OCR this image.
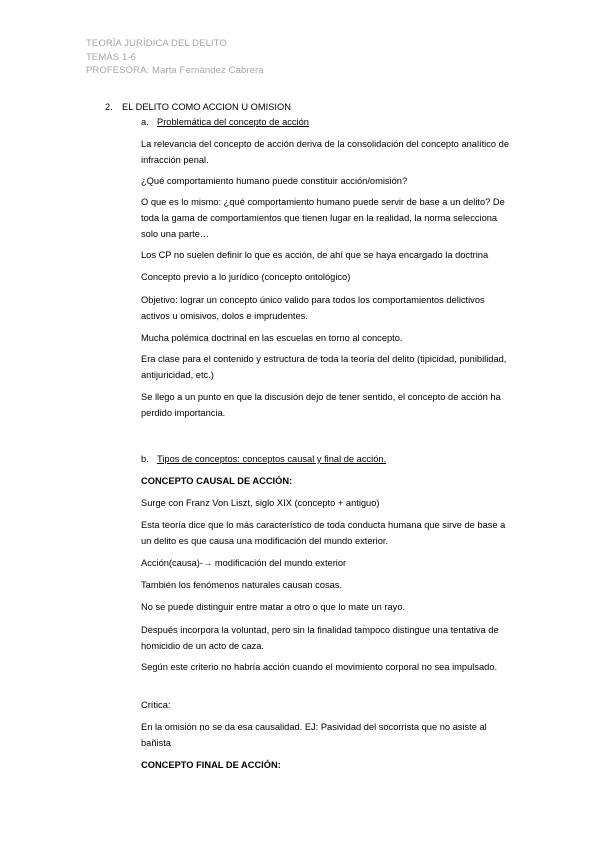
TEORÍA JURÍDICA DEL DELITO
TEMAS 1-6
PROFESORA: Marta Fernández Cabrera
2. EL DELITO COMO ACCION U OMISION
a. Problemática del concepto de acción
La relevancia del concepto de acción deriva de la consolidación del concepto analítico de infracción penal.
¿Qué comportamiento humano puede constituir acción/omisión?
O que es lo mismo: ¿qué comportamiento humano puede servir de base a un delito? De toda la gama de comportamientos que tienen lugar en la realidad, la norma selecciona solo una parte…
Los CP no suelen definir lo que es acción, de ahí que se haya encargado la doctrina
Concepto previo a lo jurídico (concepto ontológico)
Objetivo: lograr un concepto único valido para todos los comportamientos delictivos activos u omisivos, dolos e imprudentes.
Mucha polémica doctrinal en las escuelas en torno al concepto.
Era clase para el contenido y estructura de toda la teoría del delito (tipicidad, punibilidad, antijuricidad, etc.)
Se llego a un punto en que la discusión dejo de tener sentido, el concepto de acción ha perdido importancia.
b. Tipos de conceptos: conceptos causal y final de acción.
CONCEPTO CAUSAL DE ACCIÓN:
Surge con Franz Von Liszt, siglo XIX (concepto + antiguo)
Esta teoría dice que lo más característico de toda conducta humana que sirve de base a un delito es que causa una modificación del mundo exterior.
Acción(causa)-→ modificación del mundo exterior
También los fenómenos naturales causan cosas.
No se puede distinguir entre matar a otro o que lo mate un rayo.
Después incorpora la voluntad, pero sin la finalidad tampoco distingue una tentativa de homicidio de un acto de caza.
Según este criterio no habría acción cuando el movimiento corporal no sea impulsado.
Crítica:
En la omisión no se da esa causalidad. EJ: Pasividad del socorrista que no asiste al bañista
CONCEPTO FINAL DE ACCIÓN:
